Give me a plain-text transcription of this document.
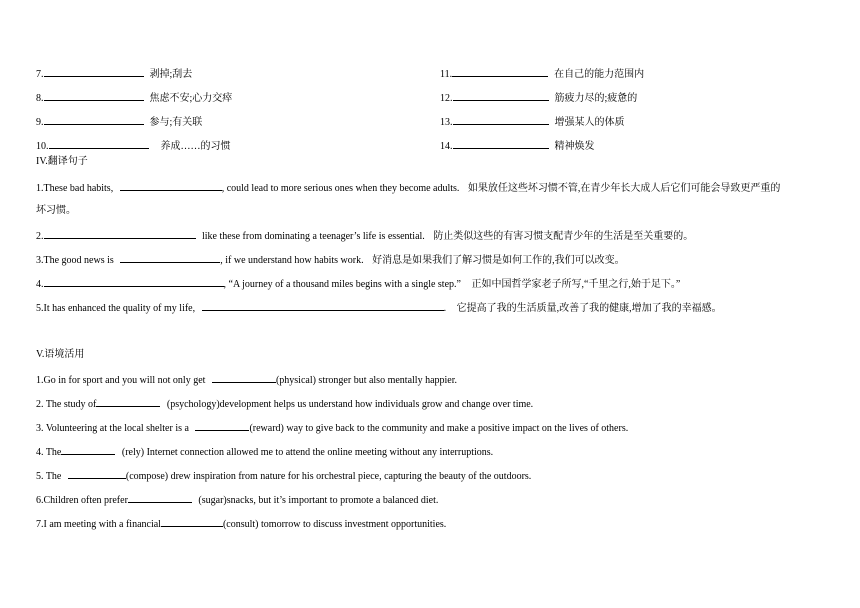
7.	剥掉;刮去
8.	焦虑不安;心力交瘁
9.	参与;有关联
10.	养成……的习惯
11.	在自己的能力范围内
12.	筋疲力尽的;疲惫的
13.	增强某人的体质
14.	精神焕发
IV.翻译句子
1.These bad habits,	, could lead to more serious ones when they become adults. 如果放任这些坏习惯不管,在青少年长大成人后它们可能会导致更严重的
坏习惯。
2.	like these from dominating a teenager’s life is essential. 防止类似这些的有害习惯支配青少年的生活是至关重要的。
3.The good news is	, if we understand how habits work. 好消息是如果我们了解习惯是如何工作的,我们可以改变。
4.	, “A journey of a thousand miles begins with a single step.” 正如中国哲学家老子所写,“千里之行,始于足下。”
5.It has enhanced the quality of my life,	. 它提高了我的生活质量,改善了我的健康,增加了我的幸福感。
V.语境活用
1.Go in for sport and you will not only get	(physical) stronger but also mentally happier.
2. The study of	(psychology)development helps us understand how individuals grow and change over time.
3. Volunteering at the local shelter is a	(reward) way to give back to the community and make a positive impact on the lives of others.
4. The	(rely) Internet connection allowed me to attend the online meeting without any interruptions.
5. The	(compose) drew inspiration from nature for his orchestral piece, capturing the beauty of the outdoors.
6.Children often prefer	(sugar)snacks, but it’s important to promote a balanced diet.
7.I am meeting with a financial	(consult) tomorrow to discuss investment opportunities.
